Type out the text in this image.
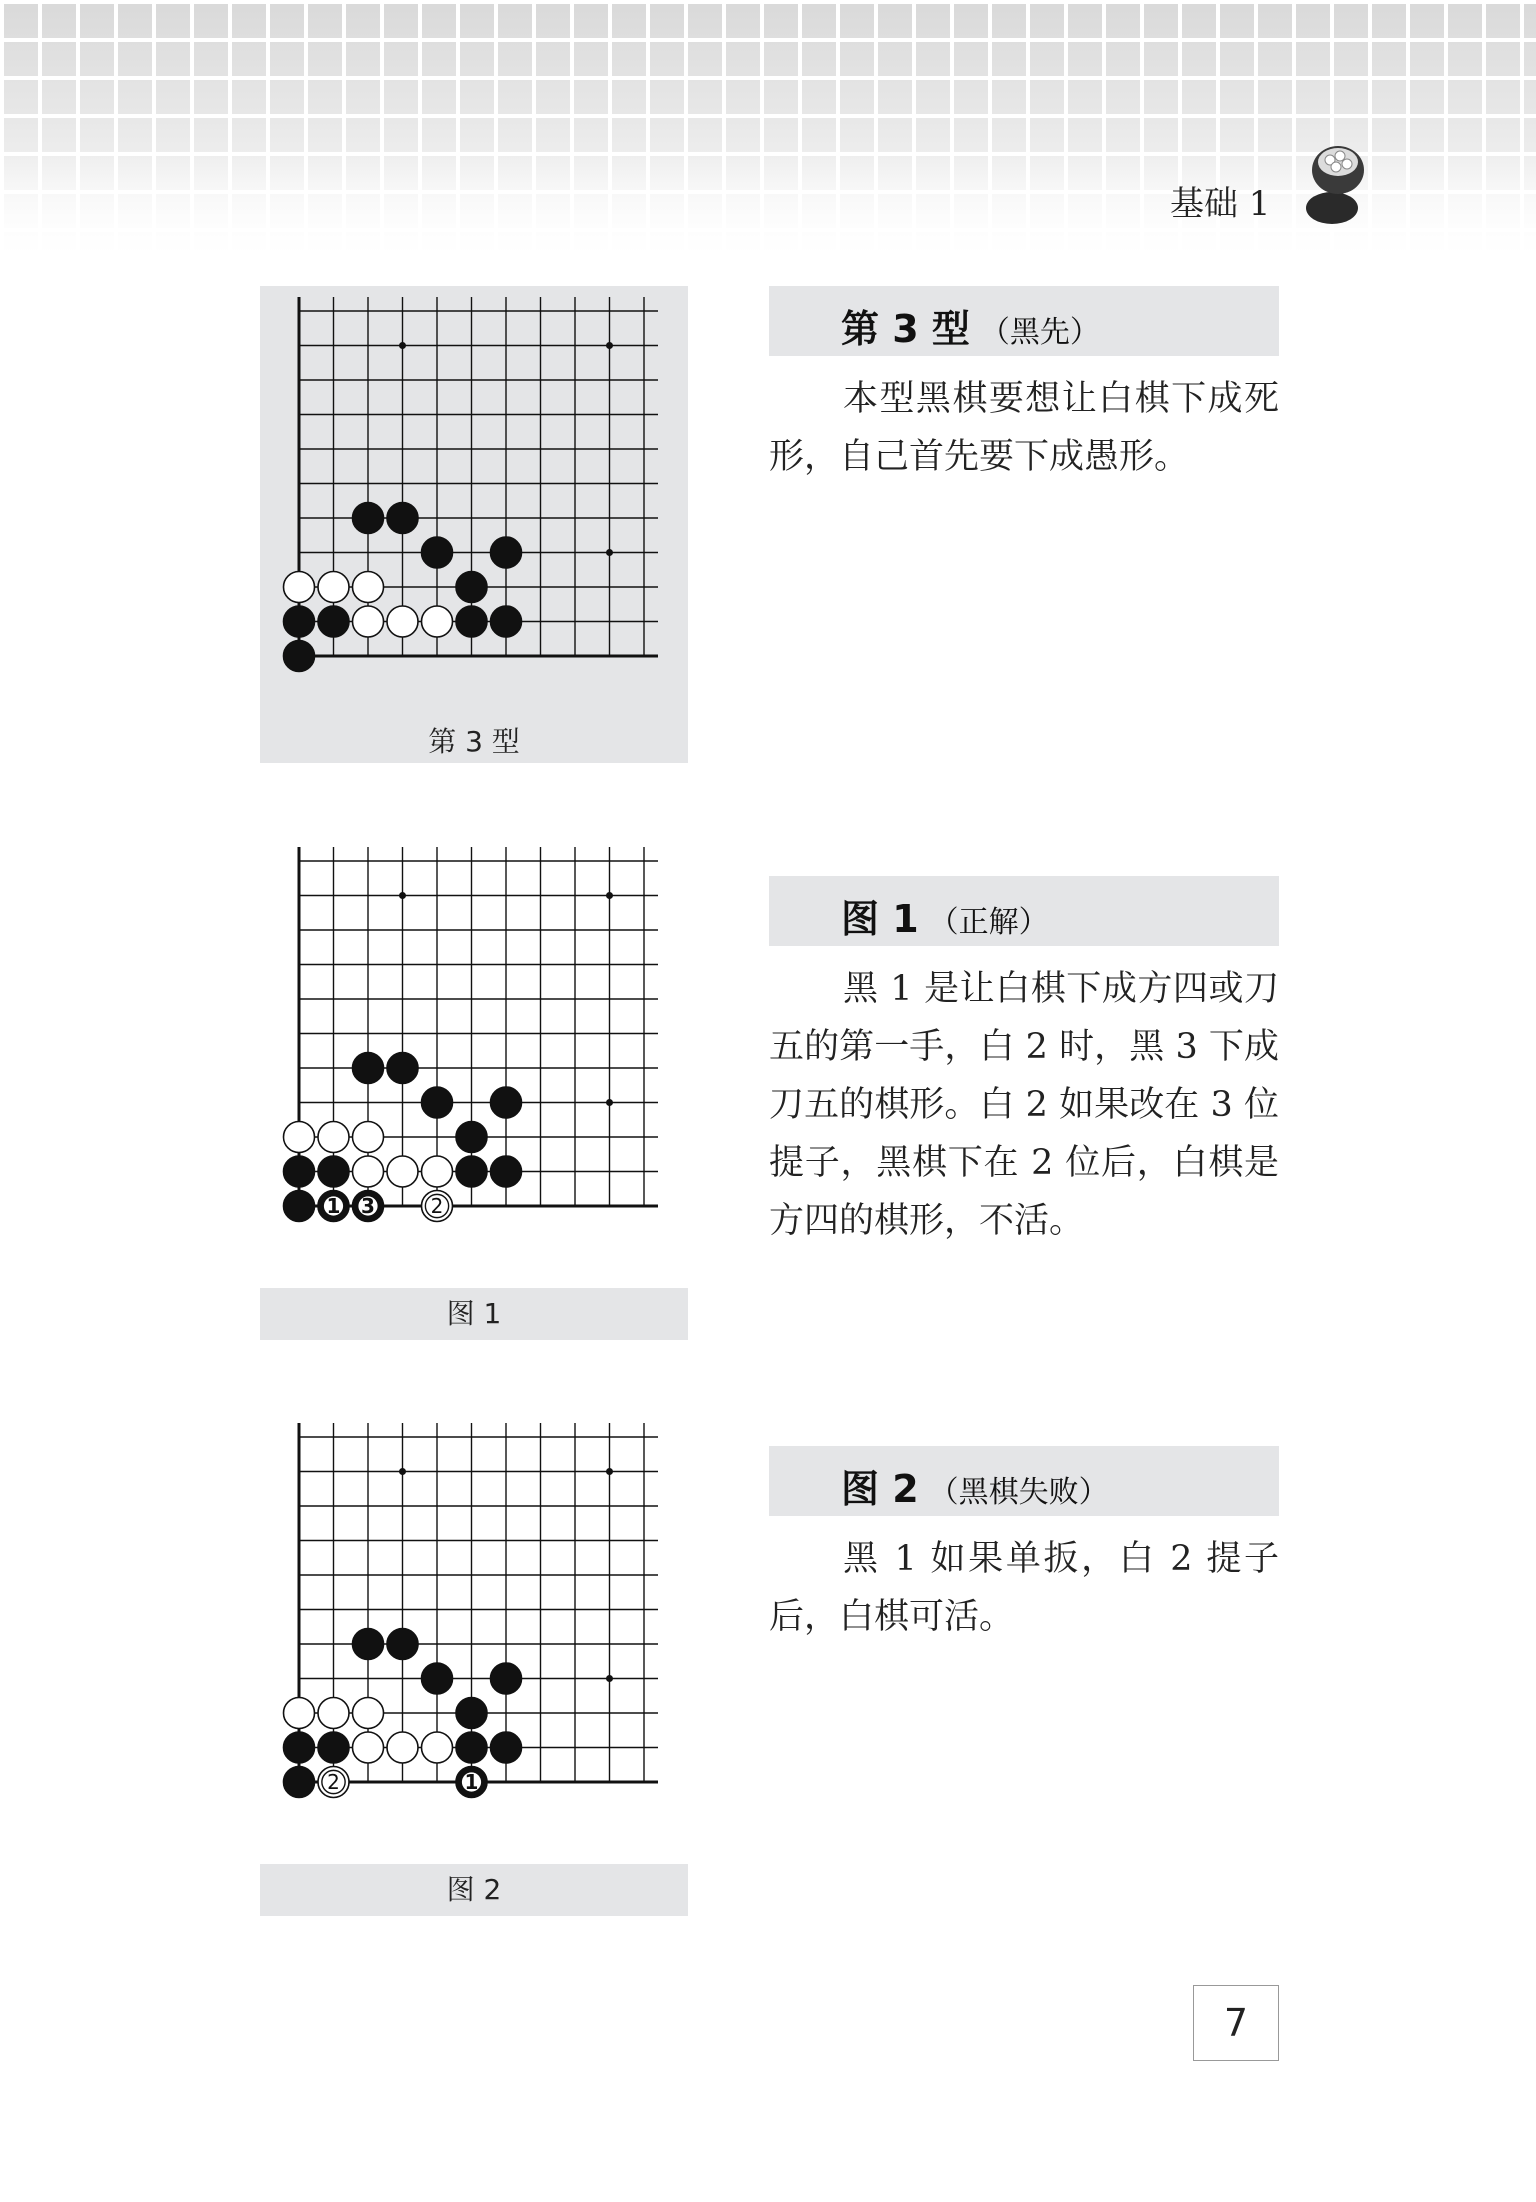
基础 1
第 3 型
第 3 型 （黑先）
本型黑棋要想让白棋下成死形，自己首先要下成愚形。
1	2
3
图 1
图 1 （正解）
黑 1 是让白棋下成方四或刀五的第一手，白 2 时，黑 3 下成刀五的棋形。白 2 如果改在 3 位提子，黑棋下在 2 位后，白棋是方四的棋形，不活。
1
2
图 2
图 2 （黑棋失败）
黑 1 如果单扳，白 2 提子后，白棋可活。
7
